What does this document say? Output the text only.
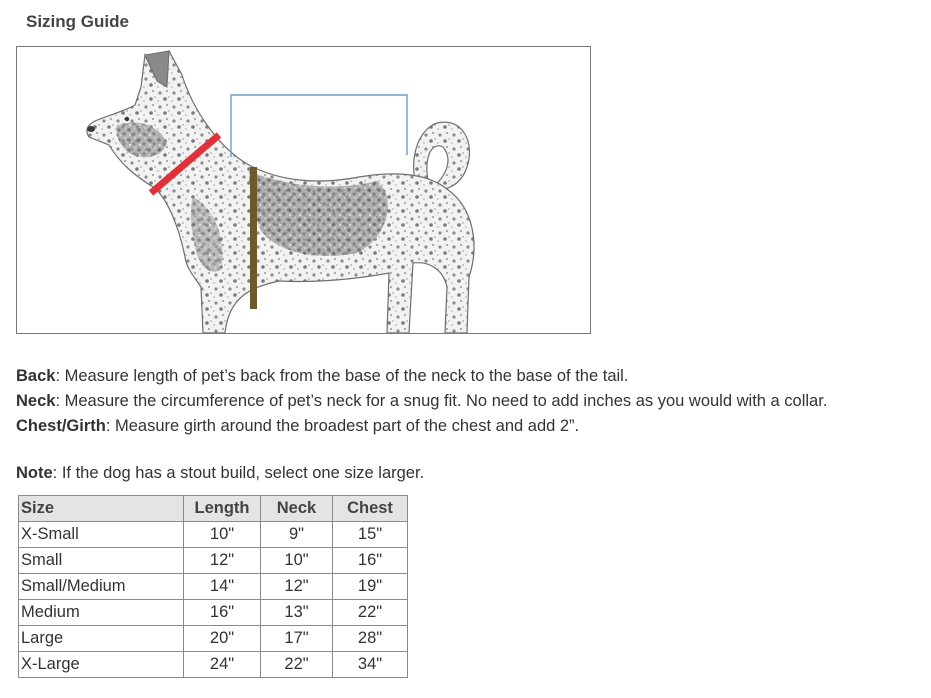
Sizing Guide

Back: Measure length of pet’s back from the base of the neck to the base of the tail.

Neck: Measure the circumference of pet’s neck for a snug fit. No need to add inches as you would with a collar.

Chest/Girth: Measure girth around the broadest part of the chest and add 2”.

Note: If the dog has a stout build, select one size larger.
Size	Length	Neck	Chest
X-Small	10"	9"	15"
Small	12"	10"	16"
Small/Medium	14"	12"	19"
Medium	16"	13"	22"
Large	20"	17"	28"
X-Large	24"	22"	34"
